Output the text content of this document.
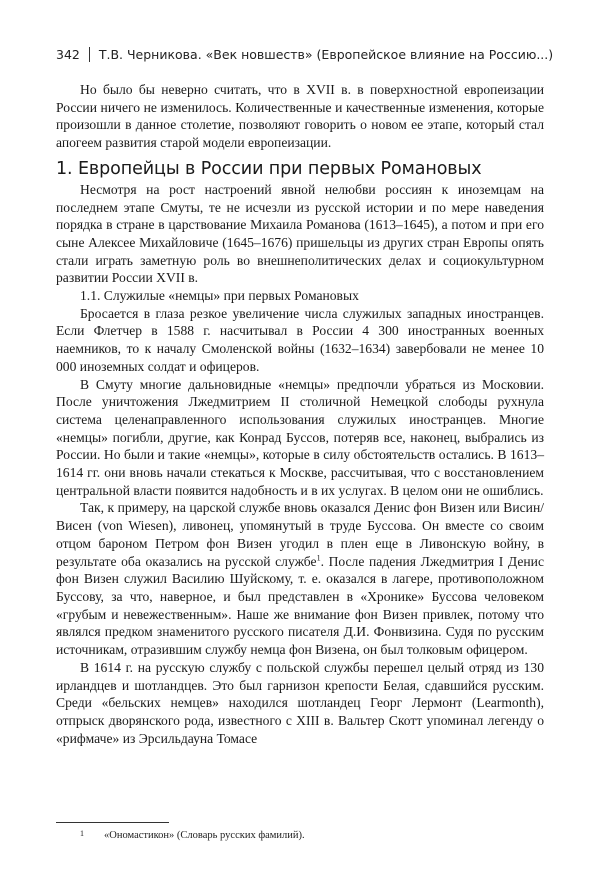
342 Т.В. Черникова. «Век новшеств» (Европейское влияние на Россию...)

Но было бы неверно считать, что в XVII в. в поверхностной европеизации России ничего не изменилось. Количественные и качественные изменения, которые произошли в данное столетие, позволяют говорить о новом ее этапе, который стал апогеем развития старой модели европеизации.

1. Европейцы в России при первых Романовых

Несмотря на рост настроений явной нелюбви россиян к иноземцам на последнем этапе Смуты, те не исчезли из русской истории и по мере наведения порядка в стране в царствование Михаила Романова (1613–1645), а потом и при его сыне Алексее Михайловиче (1645–1676) пришельцы из других стран Европы опять стали играть заметную роль во внешнеполитических делах и социокультурном развитии России XVII в.

1.1. Служилые «немцы» при первых Романовых

Бросается в глаза резкое увеличение числа служилых западных иностранцев. Если Флетчер в 1588 г. насчитывал в России 4 300 иностранных военных наемников, то к началу Смоленской войны (1632–1634) завербовали не менее 10 000 иноземных солдат и офицеров.

В Смуту многие дальновидные «немцы» предпочли убраться из Московии. После уничтожения Лжедмитрием II столичной Немецкой слободы рухнула система целенаправленного использования служилых иностранцев. Многие «немцы» погибли, другие, как Конрад Буссов, потеряв все, наконец, выбрались из России. Но были и такие «немцы», которые в силу обстоятельств остались. В 1613–1614 гг. они вновь начали стекаться к Москве, рассчитывая, что с восстановлением центральной власти появится надобность и в их услугах. В целом они не ошиблись.

Так, к примеру, на царской службе вновь оказался Денис фон Визен или Висин/Висен (von Wiesen), ливонец, упомянутый в труде Буссова. Он вместе со своим отцом бароном Петром фон Визен угодил в плен еще в Ливонскую войну, в результате оба оказались на русской службе$^1$. После падения Лжедмитрия I Денис фон Визен служил Василию Шуйскому, т. е. оказался в лагере, противоположном Буссову, за что, наверное, и был представлен в «Хронике» Буссова человеком «грубым и невежественным». Наше же внимание фон Визен привлек, потому что являлся предком знаменитого русского писателя Д.И. Фонвизина. Судя по русским источникам, отразившим службу немца фон Визена, он был толковым офицером.

В 1614 г. на русскую службу с польской службы перешел целый отряд из 130 ирландцев и шотландцев. Это был гарнизон крепости Белая, сдавшийся русским. Среди «бельских немцев» находился шотландец Георг Лермонт (Learmonth), отпрыск дворянского рода, известного с XIII в. Вальтер Скотт упоминал легенду о «рифмаче» из Эрсильдауна Томасе

1 «Ономастикон» (Словарь русских фамилий).
